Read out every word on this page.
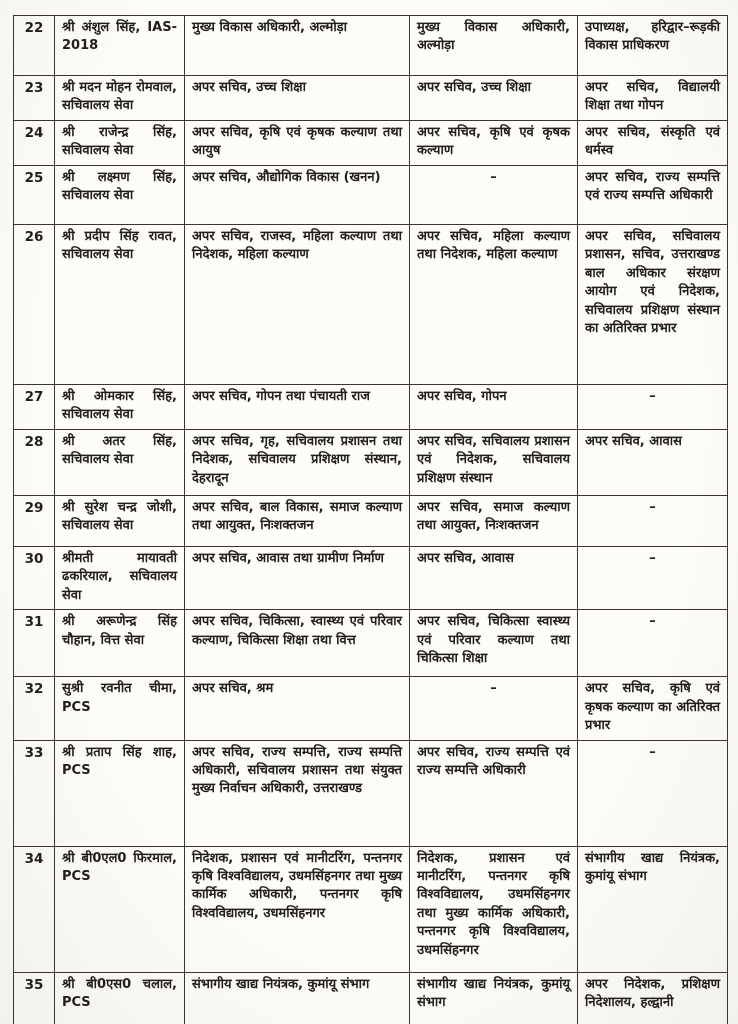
22	श्री अंशुल सिंह, IAS-2018	मुख्य विकास अधिकारी, अल्मोड़ा	मुख्य विकास अधिकारी, अल्मोड़ा	उपाध्यक्ष, हरिद्वार–रूड़की विकास प्राधिकरण
23	श्री मदन मोहन रोमवाल, सचिवालय सेवा	अपर सचिव, उच्च शिक्षा	अपर सचिव, उच्च शिक्षा	अपर सचिव, विद्यालयी शिक्षा तथा गोपन
24	श्री राजेन्द्र सिंह, सचिवालय सेवा	अपर सचिव, कृषि एवं कृषक कल्याण तथा आयुष	अपर सचिव, कृषि एवं कृषक कल्याण	अपर सचिव, संस्कृति एवं धर्मस्व
25	श्री लक्ष्मण सिंह, सचिवालय सेवा	अपर सचिव, औद्योगिक विकास (खनन)	–	अपर सचिव, राज्य सम्पत्ति एवं राज्य सम्पत्ति अधिकारी
26	श्री प्रदीप सिंह रावत, सचिवालय सेवा	अपर सचिव, राजस्व, महिला कल्याण तथा निदेशक, महिला कल्याण	अपर सचिव, महिला कल्याण तथा निदेशक, महिला कल्याण	अपर सचिव, सचिवालय प्रशासन, सचिव, उत्तराखण्ड बाल अधिकार संरक्षण आयोग एवं निदेशक, सचिवालय प्रशिक्षण संस्थान का अतिरिक्त प्रभार
27	श्री ओमकार सिंह, सचिवालय सेवा	अपर सचिव, गोपन तथा पंचायती राज	अपर सचिव, गोपन	–
28	श्री अतर सिंह, सचिवालय सेवा	अपर सचिव, गृह, सचिवालय प्रशासन तथा निदेशक, सचिवालय प्रशिक्षण संस्थान, देहरादून	अपर सचिव, सचिवालय प्रशासन एवं निदेशक, सचिवालय प्रशिक्षण संस्थान	अपर सचिव, आवास
29	श्री सुरेश चन्द्र जोशी, सचिवालय सेवा	अपर सचिव, बाल विकास, समाज कल्याण तथा आयुक्त, निःशक्तजन	अपर सचिव, समाज कल्याण तथा आयुक्त, निःशक्तजन	–
30	श्रीमती मायावती ढकरियाल, सचिवालय सेवा	अपर सचिव, आवास तथा ग्रामीण निर्माण	अपर सचिव, आवास	–
31	श्री अरूणेन्द्र सिंह चौहान, वित्त सेवा	अपर सचिव, चिकित्सा, स्वास्थ्य एवं परिवार कल्याण, चिकित्सा शिक्षा तथा वित्त	अपर सचिव, चिकित्सा स्वास्थ्य एवं परिवार कल्याण तथा चिकित्सा शिक्षा	–
32	सुश्री रवनीत चीमा, PCS	अपर सचिव, श्रम	–	अपर सचिव, कृषि एवं कृषक कल्याण का अतिरिक्त प्रभार
33	श्री प्रताप सिंह शाह, PCS	अपर सचिव, राज्य सम्पत्ति, राज्य सम्पत्ति अधिकारी, सचिवालय प्रशासन तथा संयुक्त मुख्य निर्वाचन अधिकारी, उत्तराखण्ड	अपर सचिव, राज्य सम्पत्ति एवं राज्य सम्पत्ति अधिकारी	–
34	श्री बी0एल0 फिरमाल, PCS	निदेशक, प्रशासन एवं मानीटरिंग, पन्तनगर कृषि विश्वविद्यालय, उधमसिंहनगर तथा मुख्य कार्मिक अधिकारी, पन्तनगर कृषि विश्वविद्यालय, उधमसिंहनगर	निदेशक, प्रशासन एवं मानीटरिंग, पन्तनगर कृषि विश्वविद्यालय, उधमसिंहनगर तथा मुख्य कार्मिक अधिकारी, पन्तनगर कृषि विश्वविद्यालय, उधमसिंहनगर	संभागीय खाद्य नियंत्रक, कुमांयू संभाग
35	श्री बी0एस0 चलाल, PCS	संभागीय खाद्य नियंत्रक, कुमांयू संभाग	संभागीय खाद्य नियंत्रक, कुमांयू संभाग	अपर निदेशक, प्रशिक्षण निदेशालय, हल्द्वानी
